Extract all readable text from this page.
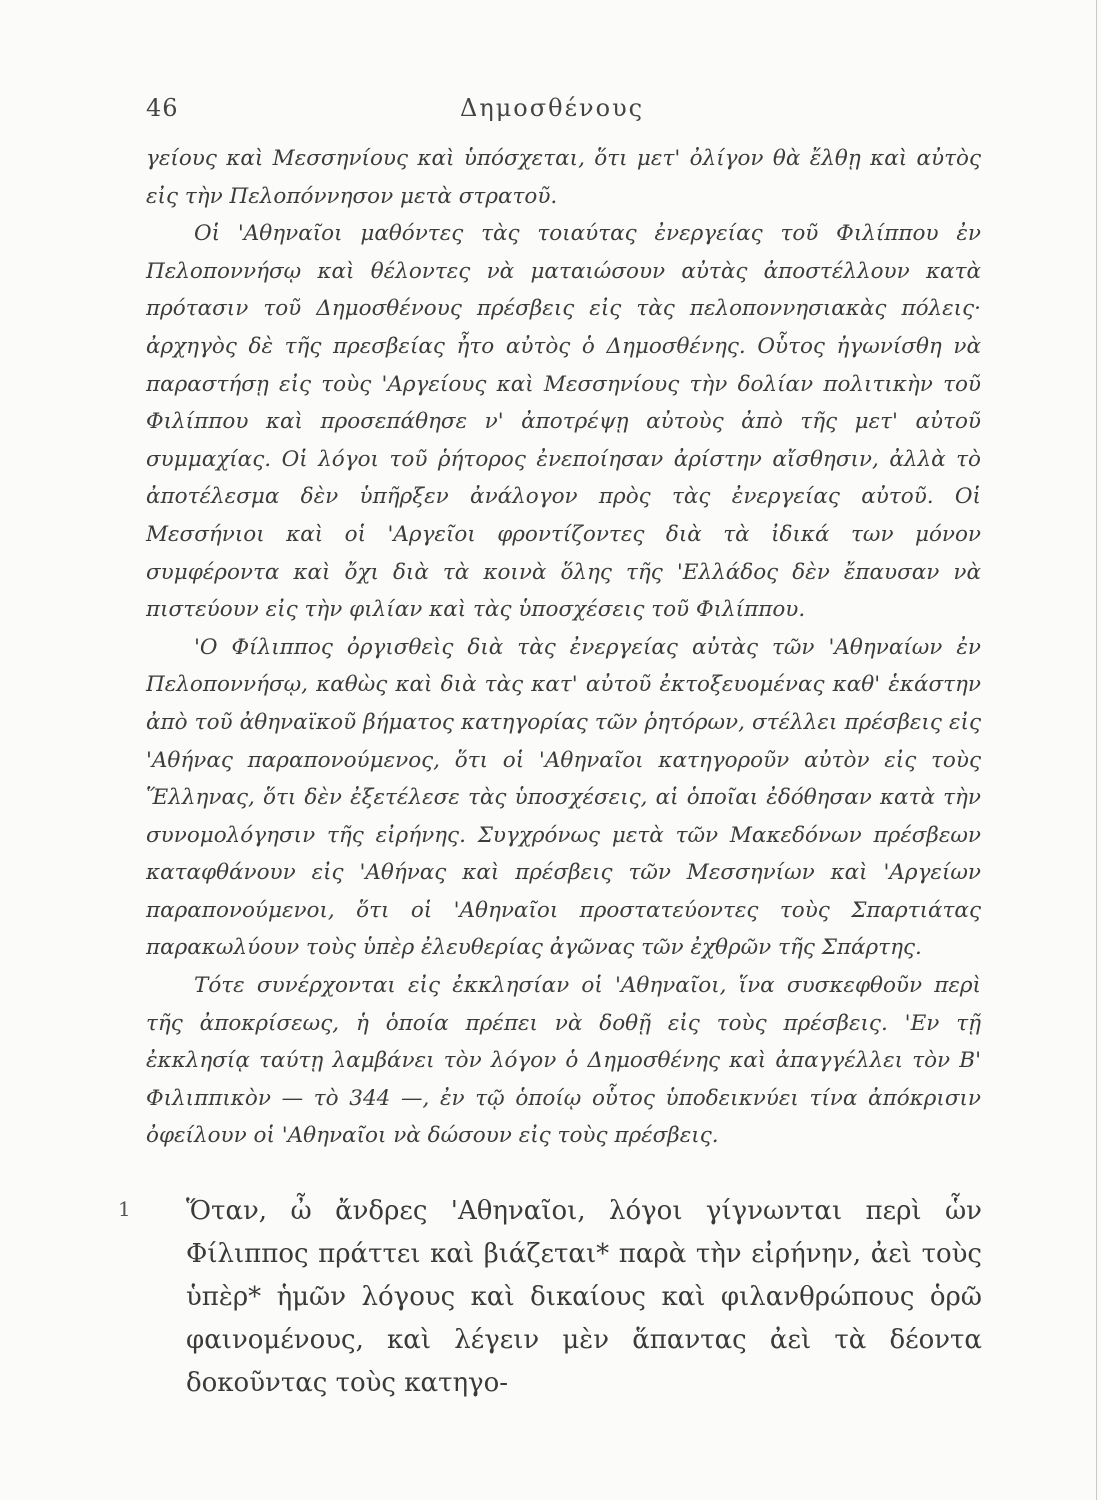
46	Δημοσθένους

γείους καὶ Μεσσηνίους καὶ ὑπόσχεται, ὅτι μετ' ὀλίγον θὰ ἔλθῃ καὶ αὐτὸς εἰς τὴν Πελοπόννησον μετὰ στρατοῦ.

Οἱ 'Αθηναῖοι μαθόντες τὰς τοιαύτας ἐνεργείας τοῦ Φιλίππου ἐν Πελοποννήσῳ καὶ θέλοντες νὰ ματαιώσουν αὐτὰς ἀποστέλλουν κατὰ πρότασιν τοῦ Δημοσθένους πρέσβεις εἰς τὰς πελοποννησιακὰς πόλεις· ἀρχηγὸς δὲ τῆς πρεσβείας ἦτο αὐτὸς ὁ Δημοσθένης. Οὗτος ἠγωνίσθη νὰ παραστήσῃ εἰς τοὺς 'Αργείους καὶ Μεσσηνίους τὴν δολίαν πολιτικὴν τοῦ Φιλίππου καὶ προσεπάθησε ν' ἀποτρέψῃ αὐτοὺς ἀπὸ τῆς μετ' αὐτοῦ συμμαχίας. Οἱ λόγοι τοῦ ῥήτορος ἐνεποίησαν ἀρίστην αἴσθησιν, ἀλλὰ τὸ ἀποτέλεσμα δὲν ὑπῆρξεν ἀνάλογον πρὸς τὰς ἐνεργείας αὐτοῦ. Οἱ Μεσσήνιοι καὶ οἱ 'Αργεῖοι φροντίζοντες διὰ τὰ ἰδικά των μόνον συμφέροντα καὶ ὄχι διὰ τὰ κοινὰ ὅλης τῆς 'Ελλάδος δὲν ἔπαυσαν νὰ πιστεύουν εἰς τὴν φιλίαν καὶ τὰς ὑποσχέσεις τοῦ Φιλίππου.

'Ο Φίλιππος ὀργισθεὶς διὰ τὰς ἐνεργείας αὐτὰς τῶν 'Αθηναίων ἐν Πελοποννήσῳ, καθὼς καὶ διὰ τὰς κατ' αὐτοῦ ἐκτοξευομένας καθ' ἑκάστην ἀπὸ τοῦ ἀθηναϊκοῦ βήματος κατηγορίας τῶν ῥητόρων, στέλλει πρέσβεις εἰς 'Αθήνας παραπονούμενος, ὅτι οἱ 'Αθηναῖοι κατηγοροῦν αὐτὸν εἰς τοὺς Ἕλληνας, ὅτι δὲν ἐξετέλεσε τὰς ὑποσχέσεις, αἱ ὁποῖαι ἐδόθησαν κατὰ τὴν συνομολόγησιν τῆς εἰρήνης. Συγχρόνως μετὰ τῶν Μακεδόνων πρέσβεων καταφθάνουν εἰς 'Αθήνας καὶ πρέσβεις τῶν Μεσσηνίων καὶ 'Αργείων παραπονούμενοι, ὅτι οἱ 'Αθηναῖοι προστατεύοντες τοὺς Σπαρτιάτας παρακωλύουν τοὺς ὑπὲρ ἐλευθερίας ἀγῶνας τῶν ἐχθρῶν τῆς Σπάρτης.

Τότε συνέρχονται εἰς ἐκκλησίαν οἱ 'Αθηναῖοι, ἵνα συσκεφθοῦν περὶ τῆς ἀποκρίσεως, ἡ ὁποία πρέπει νὰ δοθῇ εἰς τοὺς πρέσβεις. 'Εν τῇ ἐκκλησίᾳ ταύτῃ λαμβάνει τὸν λόγον ὁ Δημοσθένης καὶ ἀπαγγέλλει τὸν Β' Φιλιππικὸν — τὸ 344 —, ἐν τῷ ὁποίῳ οὗτος ὑποδεικνύει τίνα ἀπόκρισιν ὀφείλουν οἱ 'Αθηναῖοι νὰ δώσουν εἰς τοὺς πρέσβεις.

1 Ὅταν, ὦ ἄνδρες 'Αθηναῖοι, λόγοι γίγνωνται περὶ ὧν Φίλιππος πράττει καὶ βιάζεται* παρὰ τὴν εἰρήνην, ἀεὶ τοὺς ὑπὲρ* ἡμῶν λόγους καὶ δικαίους καὶ φιλανθρώπους ὁρῶ φαινομένους, καὶ λέγειν μὲν ἅπαντας ἀεὶ τὰ δέοντα δοκοῦντας τοὺς κατηγο-
